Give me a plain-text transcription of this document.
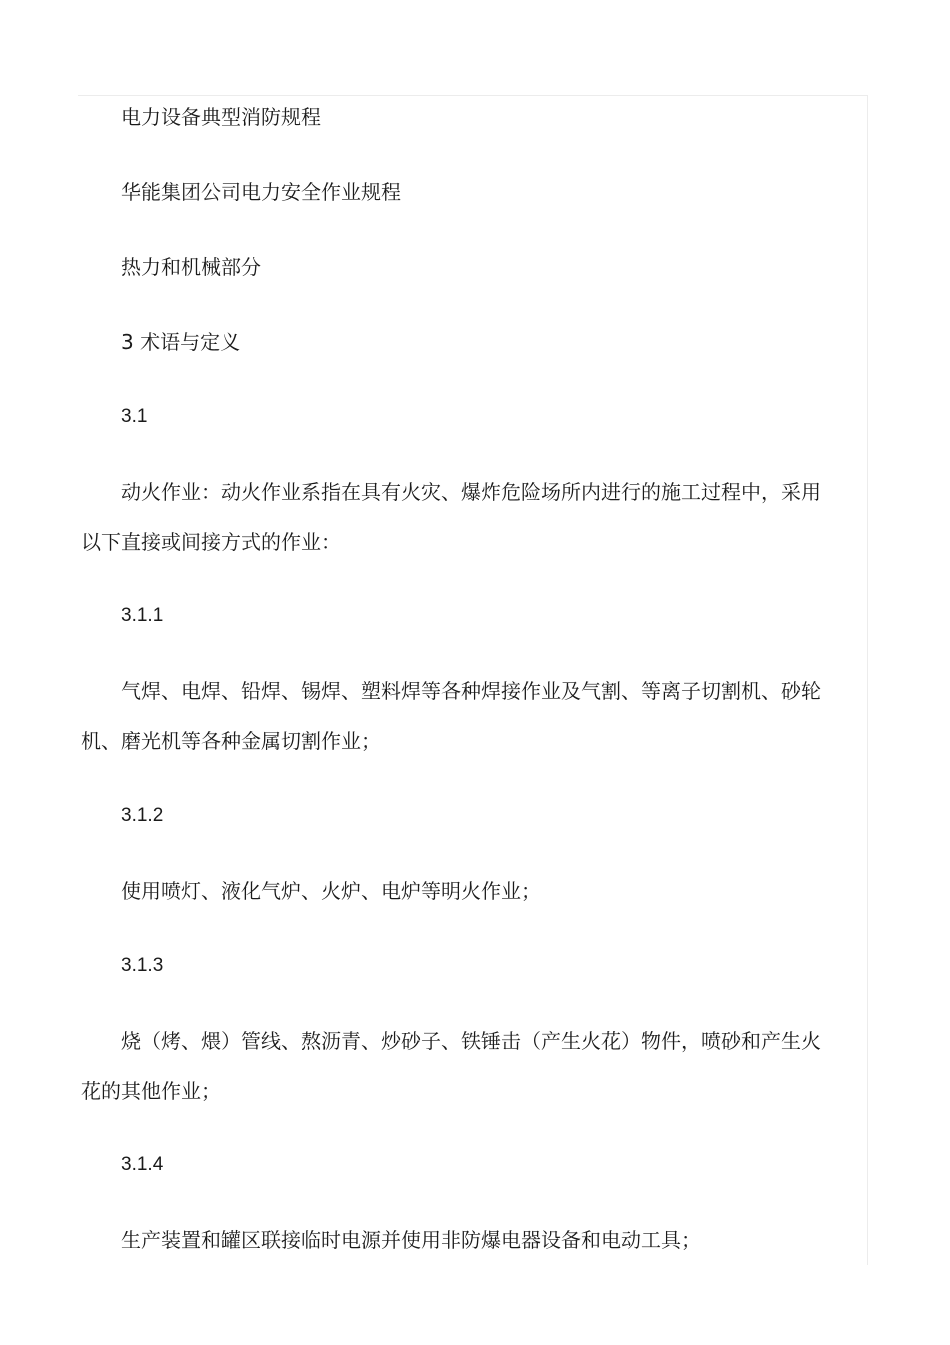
电力设备典型消防规程

华能集团公司电力安全作业规程

热力和机械部分

3 术语与定义

3.1

动火作业：动火作业系指在具有火灾、爆炸危险场所内进行的施工过程中，采用以下直接或间接方式的作业：

3.1.1

气焊、电焊、铅焊、锡焊、塑料焊等各种焊接作业及气割、等离子切割机、砂轮机、磨光机等各种金属切割作业；

3.1.2

使用喷灯、液化气炉、火炉、电炉等明火作业；

3.1.3

烧（烤、煨）管线、熬沥青、炒砂子、铁锤击（产生火花）物件，喷砂和产生火花的其他作业；

3.1.4

生产装置和罐区联接临时电源并使用非防爆电器设备和电动工具；
